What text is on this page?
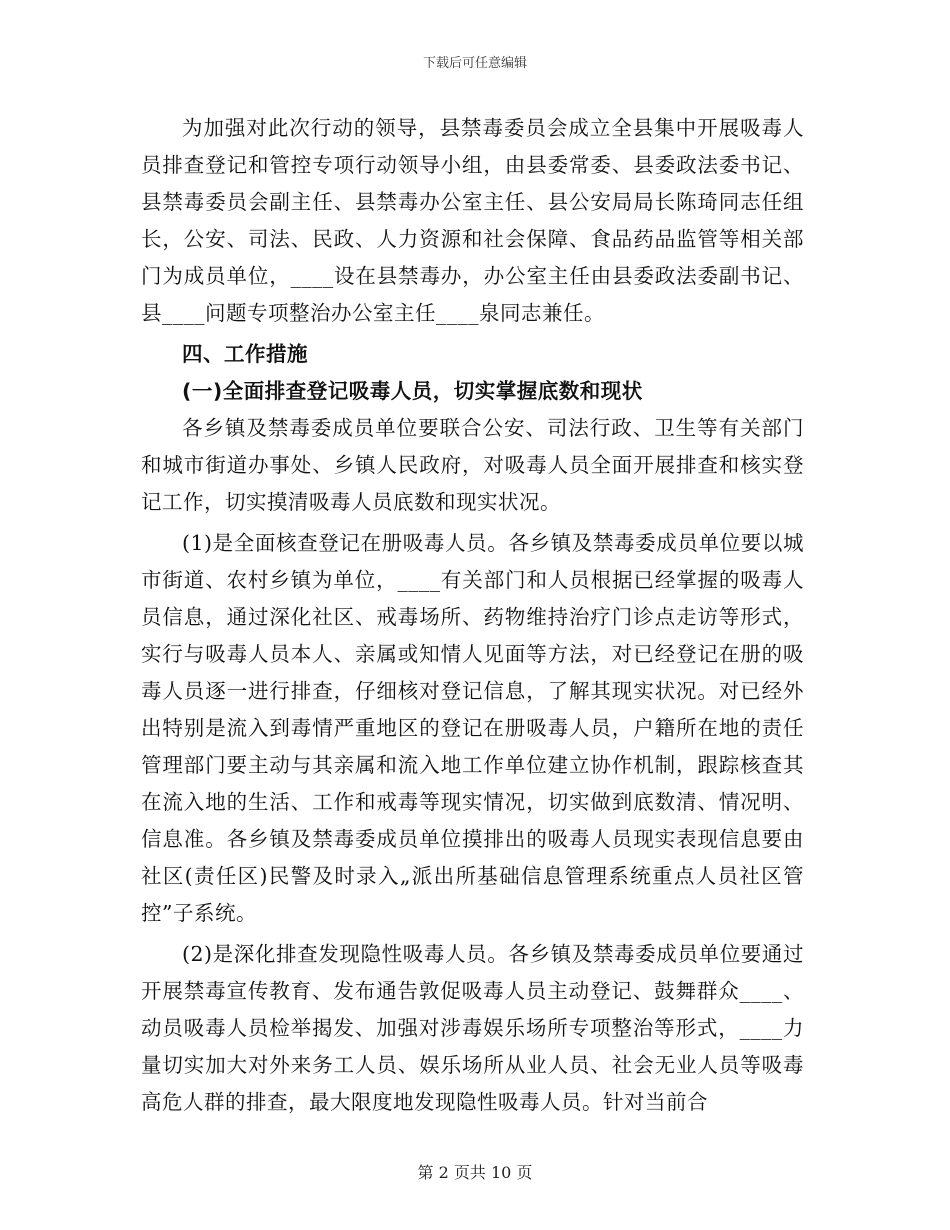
下载后可任意编辑

为加强对此次行动的领导，县禁毒委员会成立全县集中开展吸毒人员排查登记和管控专项行动领导小组，由县委常委、县委政法委书记、县禁毒委员会副主任、县禁毒办公室主任、县公安局局长陈琦同志任组长，公安、司法、民政、人力资源和社会保障、食品药品监管等相关部门为成员单位，____设在县禁毒办，办公室主任由县委政法委副书记、县____问题专项整治办公室主任____泉同志兼任。

四、工作措施

(一)全面排查登记吸毒人员，切实掌握底数和现状

各乡镇及禁毒委成员单位要联合公安、司法行政、卫生等有关部门和城市街道办事处、乡镇人民政府，对吸毒人员全面开展排查和核实登记工作，切实摸清吸毒人员底数和现实状况。

(1)是全面核查登记在册吸毒人员。各乡镇及禁毒委成员单位要以城市街道、农村乡镇为单位，____有关部门和人员根据已经掌握的吸毒人员信息，通过深化社区、戒毒场所、药物维持治疗门诊点走访等形式，实行与吸毒人员本人、亲属或知情人见面等方法，对已经登记在册的吸毒人员逐一进行排查，仔细核对登记信息，了解其现实状况。对已经外出特别是流入到毒情严重地区的登记在册吸毒人员，户籍所在地的责任管理部门要主动与其亲属和流入地工作单位建立协作机制，跟踪核查其在流入地的生活、工作和戒毒等现实情况，切实做到底数清、情况明、信息准。各乡镇及禁毒委成员单位摸排出的吸毒人员现实表现信息要由社区(责任区)民警及时录入„派出所基础信息管理系统重点人员社区管控”子系统。

(2)是深化排查发现隐性吸毒人员。各乡镇及禁毒委成员单位要通过开展禁毒宣传教育、发布通告敦促吸毒人员主动登记、鼓舞群众____、动员吸毒人员检举揭发、加强对涉毒娱乐场所专项整治等形式，____力量切实加大对外来务工人员、娱乐场所从业人员、社会无业人员等吸毒高危人群的排查，最大限度地发现隐性吸毒人员。针对当前合

第 2 页共 10 页
